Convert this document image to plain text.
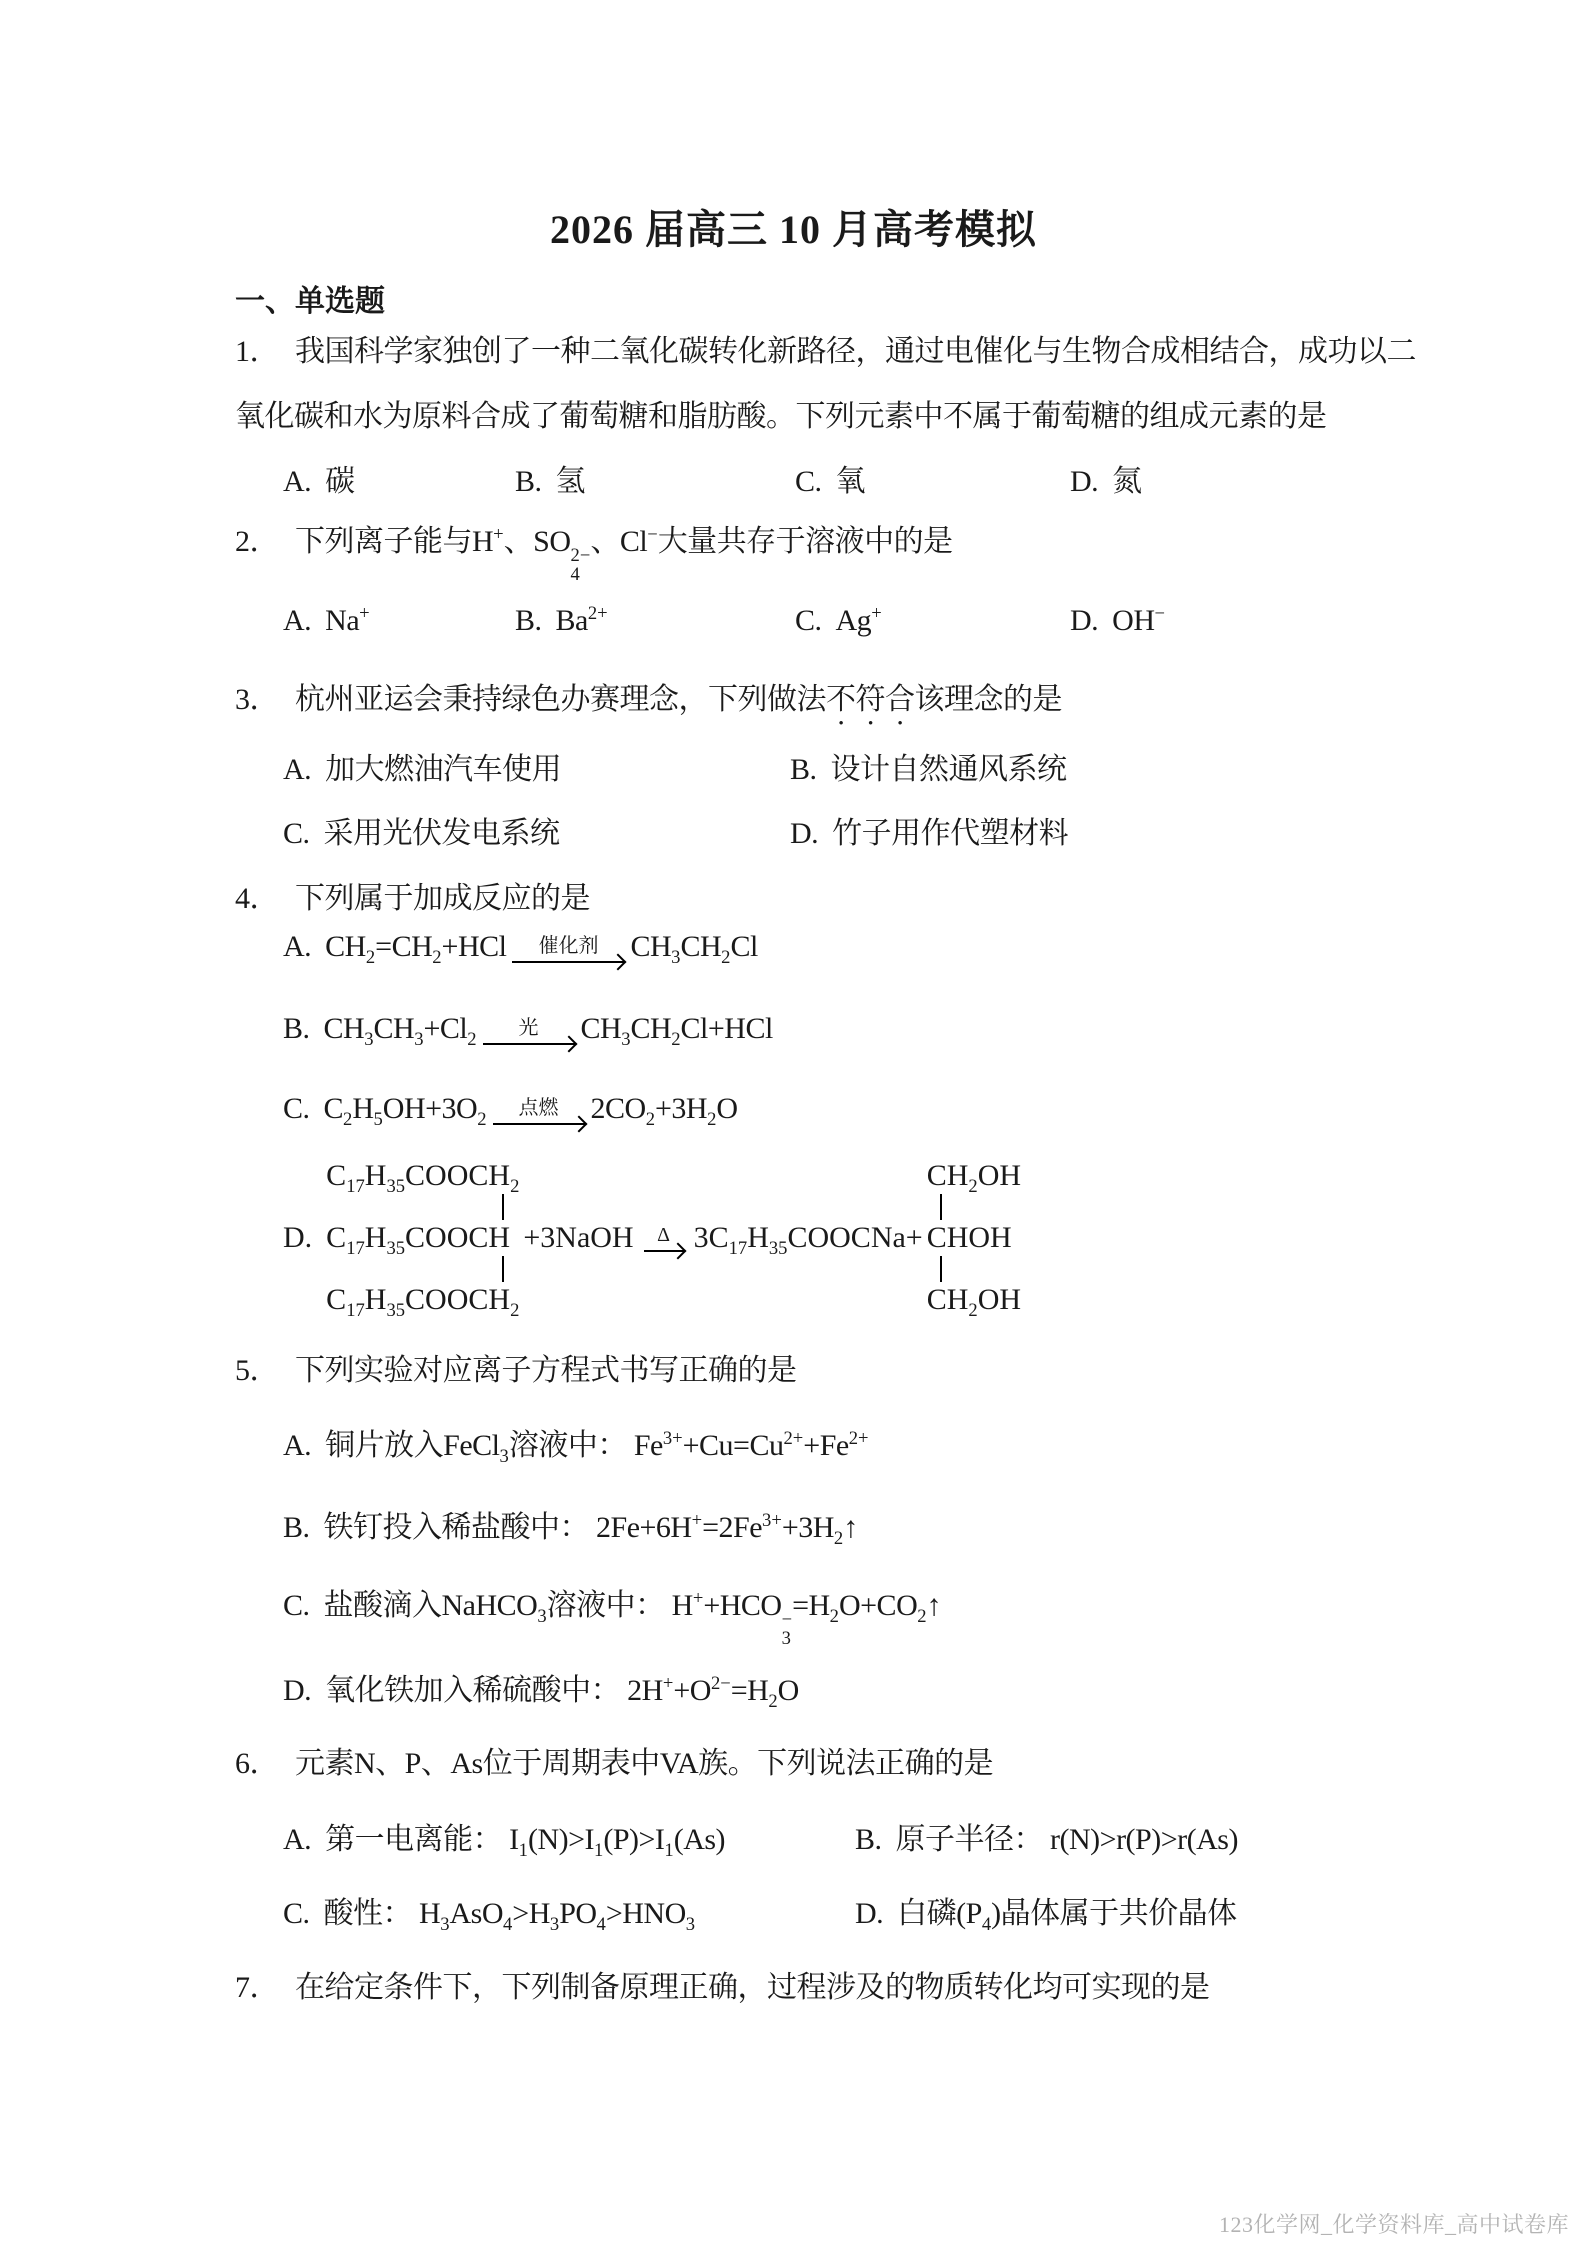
2026 届高三 10 月高考模拟
一、单选题
1． 我国科学家独创了一种二氧化碳转化新路径，通过电催化与生物合成相结合，成功以二
氧化碳和水为原料合成了葡萄糖和脂肪酸。下列元素中不属于葡萄糖的组成元素的是
A. 碳	B. 氢	C. 氧	D. 氮
2． 下列离子能与H+、SO 2−
4
、Cl−大量共存于溶液中的是
A. Na+	B. $Ba^{2+}$	C. Ag+	D. OH−
3． 杭州亚运会秉持绿色办赛理念，下列做法不符合该理念的是
A. 加大燃油汽车使用	B. 设计自然通风系统
C. 采用光伏发电系统	D. 竹子用作代塑材料
4． 下列属于加成反应的是
A. $CH_2=CH_2+HCl$ 催化剂 $CH_3CH_2Cl$
B. $CH_3CH_3+Cl_2$
光 $CH_3CH_2Cl+HCl$
C. $C_2H_5OH+3O_2$
点燃 $2CO_2+3H_2O$
D.
$C_{17}H_{35}COOCH_2$
$C_{17}H_{35}COOCH$
$C_{17}H_{35}COOCH_2$
+3NaOH Δ $3C_{17}H_{35}COOCNa+$
$CH_2OH$
CHOH
$CH_2OH$
5． 下列实验对应离子方程式书写正确的是
A. 铜片放入FeCl$_3$溶液中： $Fe^{3+}+Cu=Cu^{2+}+Fe^{2+}$
B. 铁钉投入稀盐酸中： $2Fe+6H^+=2Fe^{3+}+3H_2↑$
C. 盐酸滴入NaHCO$_3$溶液中： H++HCO −
3
$=H_2O+CO_2↑$
D. 氧化铁加入稀硫酸中： $2H^++O^{2-}=H_2O$
6． 元素N、P、As位于周期表中VA族。下列说法正确的是
A. 第一电离能： $I_1(N)>I_1(P)>I_1(As)$	B. 原子半径： r(N)>r(P)>r(As)
C. 酸性： $H_3AsO_4>H_3PO_4>HNO_3$	D. 白磷$(P_4)$晶体属于共价晶体
7． 在给定条件下，下列制备原理正确，过程涉及的物质转化均可实现的是
123化学网_化学资料库_高中试卷库
